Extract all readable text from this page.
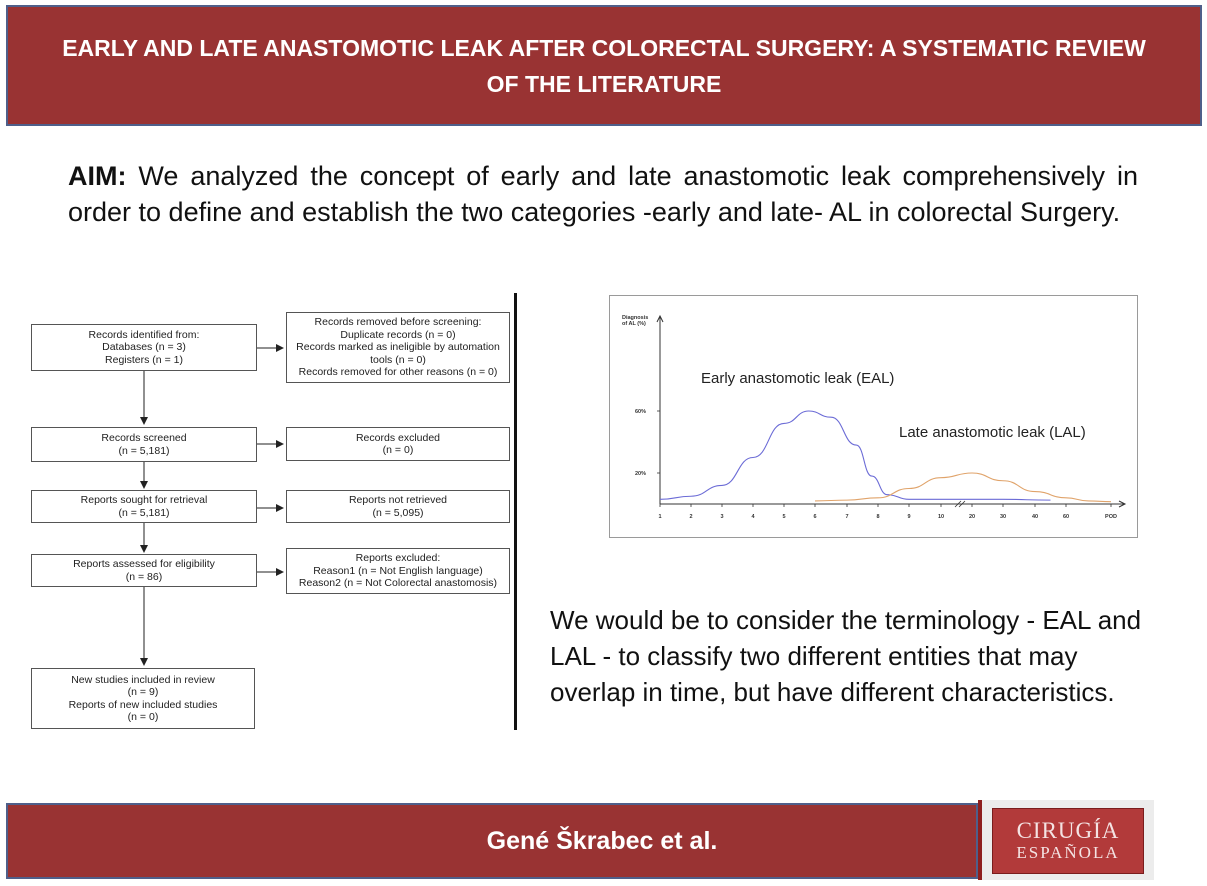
EARLY AND LATE ANASTOMOTIC LEAK AFTER COLORECTAL SURGERY: A SYSTEMATIC REVIEW
OF THE LITERATURE
AIM: We analyzed the concept of early and late anastomotic leak comprehensively in order to define and establish the two categories -early and late- AL in colorectal Surgery.
Records identified from:
Databases (n = 3)
Registers (n = 1)
Records removed before screening:
Duplicate records (n = 0)
Records marked as ineligible by automation
tools (n = 0)
Records removed for other reasons (n = 0)
Records screened
(n = 5,181)
Records excluded
(n = 0)
Reports sought for retrieval
(n = 5,181)
Reports not retrieved
(n = 5,095)
Reports assessed for eligibility
(n = 86)
Reports excluded:
Reason1 (n = Not English language)
Reason2 (n = Not Colorectal anastomosis)
New studies included in review
(n = 9)
Reports of new included studies
(n = 0)
1	2	3	4	5	6	7	8	9	10	20	30	40	60	POD
60%
20%
Diagnosis of AL (%)
Early anastomotic leak (EAL)
Late anastomotic leak (LAL)
We would be to consider the terminology - EAL and LAL - to classify two different entities that may overlap in time, but have different characteristics.
Gené Škrabec et al.	CIRUGÍA
ESPAÑOLA
